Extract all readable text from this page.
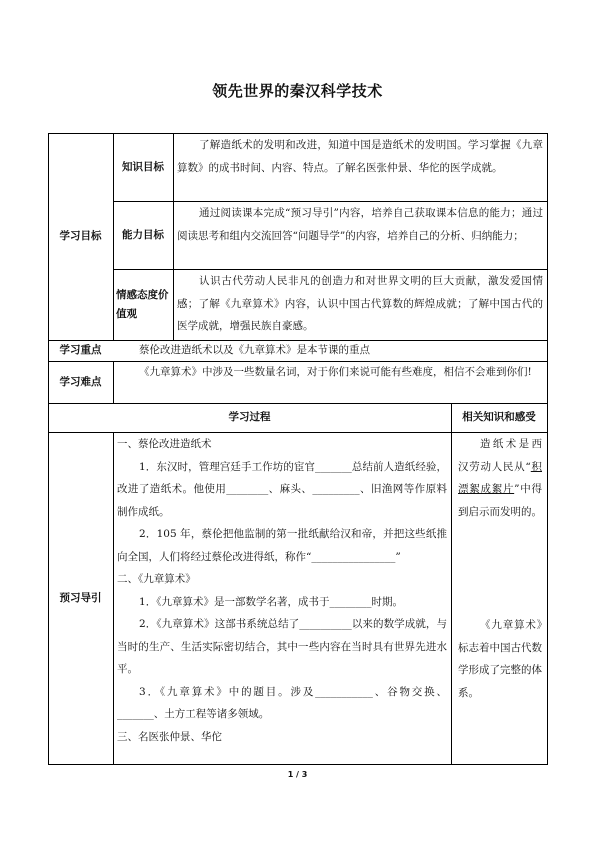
领先世界的秦汉科学技术
学习目标
知识目标

了解造纸术的发明和改进，知道中国是造纸术的发明国。学习掌握《九章算数》的成书时间、内容、特点。了解名医张仲景、华佗的医学成就。

能力目标

通过阅读课本完成“预习导引”内容，培养自己获取课本信息的能力；通过阅读思考和组内交流回答“问题导学”的内容，培养自己的分析、归纳能力；

情感态度价值观

认识古代劳动人民非凡的创造力和对世界文明的巨大贡献，激发爱国情感；了解《九章算术》内容，认识中国古代算数的辉煌成就；了解中国古代的医学成就，增强民族自豪感。

学习重点	蔡伦改进造纸术以及《九章算术》是本节课的重点

学习难点

《九章算术》中涉及一些数量名词，对于你们来说可能有些难度，相信不会难到你们!

学习过程	相关知识和感受
预习导引

一、蔡伦改进造纸术

1．东汉时，管理宫廷手工作坊的宦官_______总结前人造纸经验，改进了造纸术。他使用________、麻头、_________、旧渔网等作原料制作成纸。

2．105 年，蔡伦把他监制的第一批纸献给汉和帝，并把这些纸推向全国，人们将经过蔡伦改进得纸，称作“________________”

二、《九章算术》

1．《九章算术》是一部数学名著，成书于________时期。

2．《九章算术》这部书系统总结了__________以来的数学成就，与当时的生产、生活实际密切结合，其中一些内容在当时具有世界先进水平。

3．《九章算术》中的题目。涉及___________、谷物交换、_______、土方工程等诸多领域。

三、名医张仲景、华佗

造纸术是西汉劳动人民从“积漂絮成絮片”中得到启示而发明的。

《九章算术》标志着中国古代数学形成了完整的体系。

1 / 3
